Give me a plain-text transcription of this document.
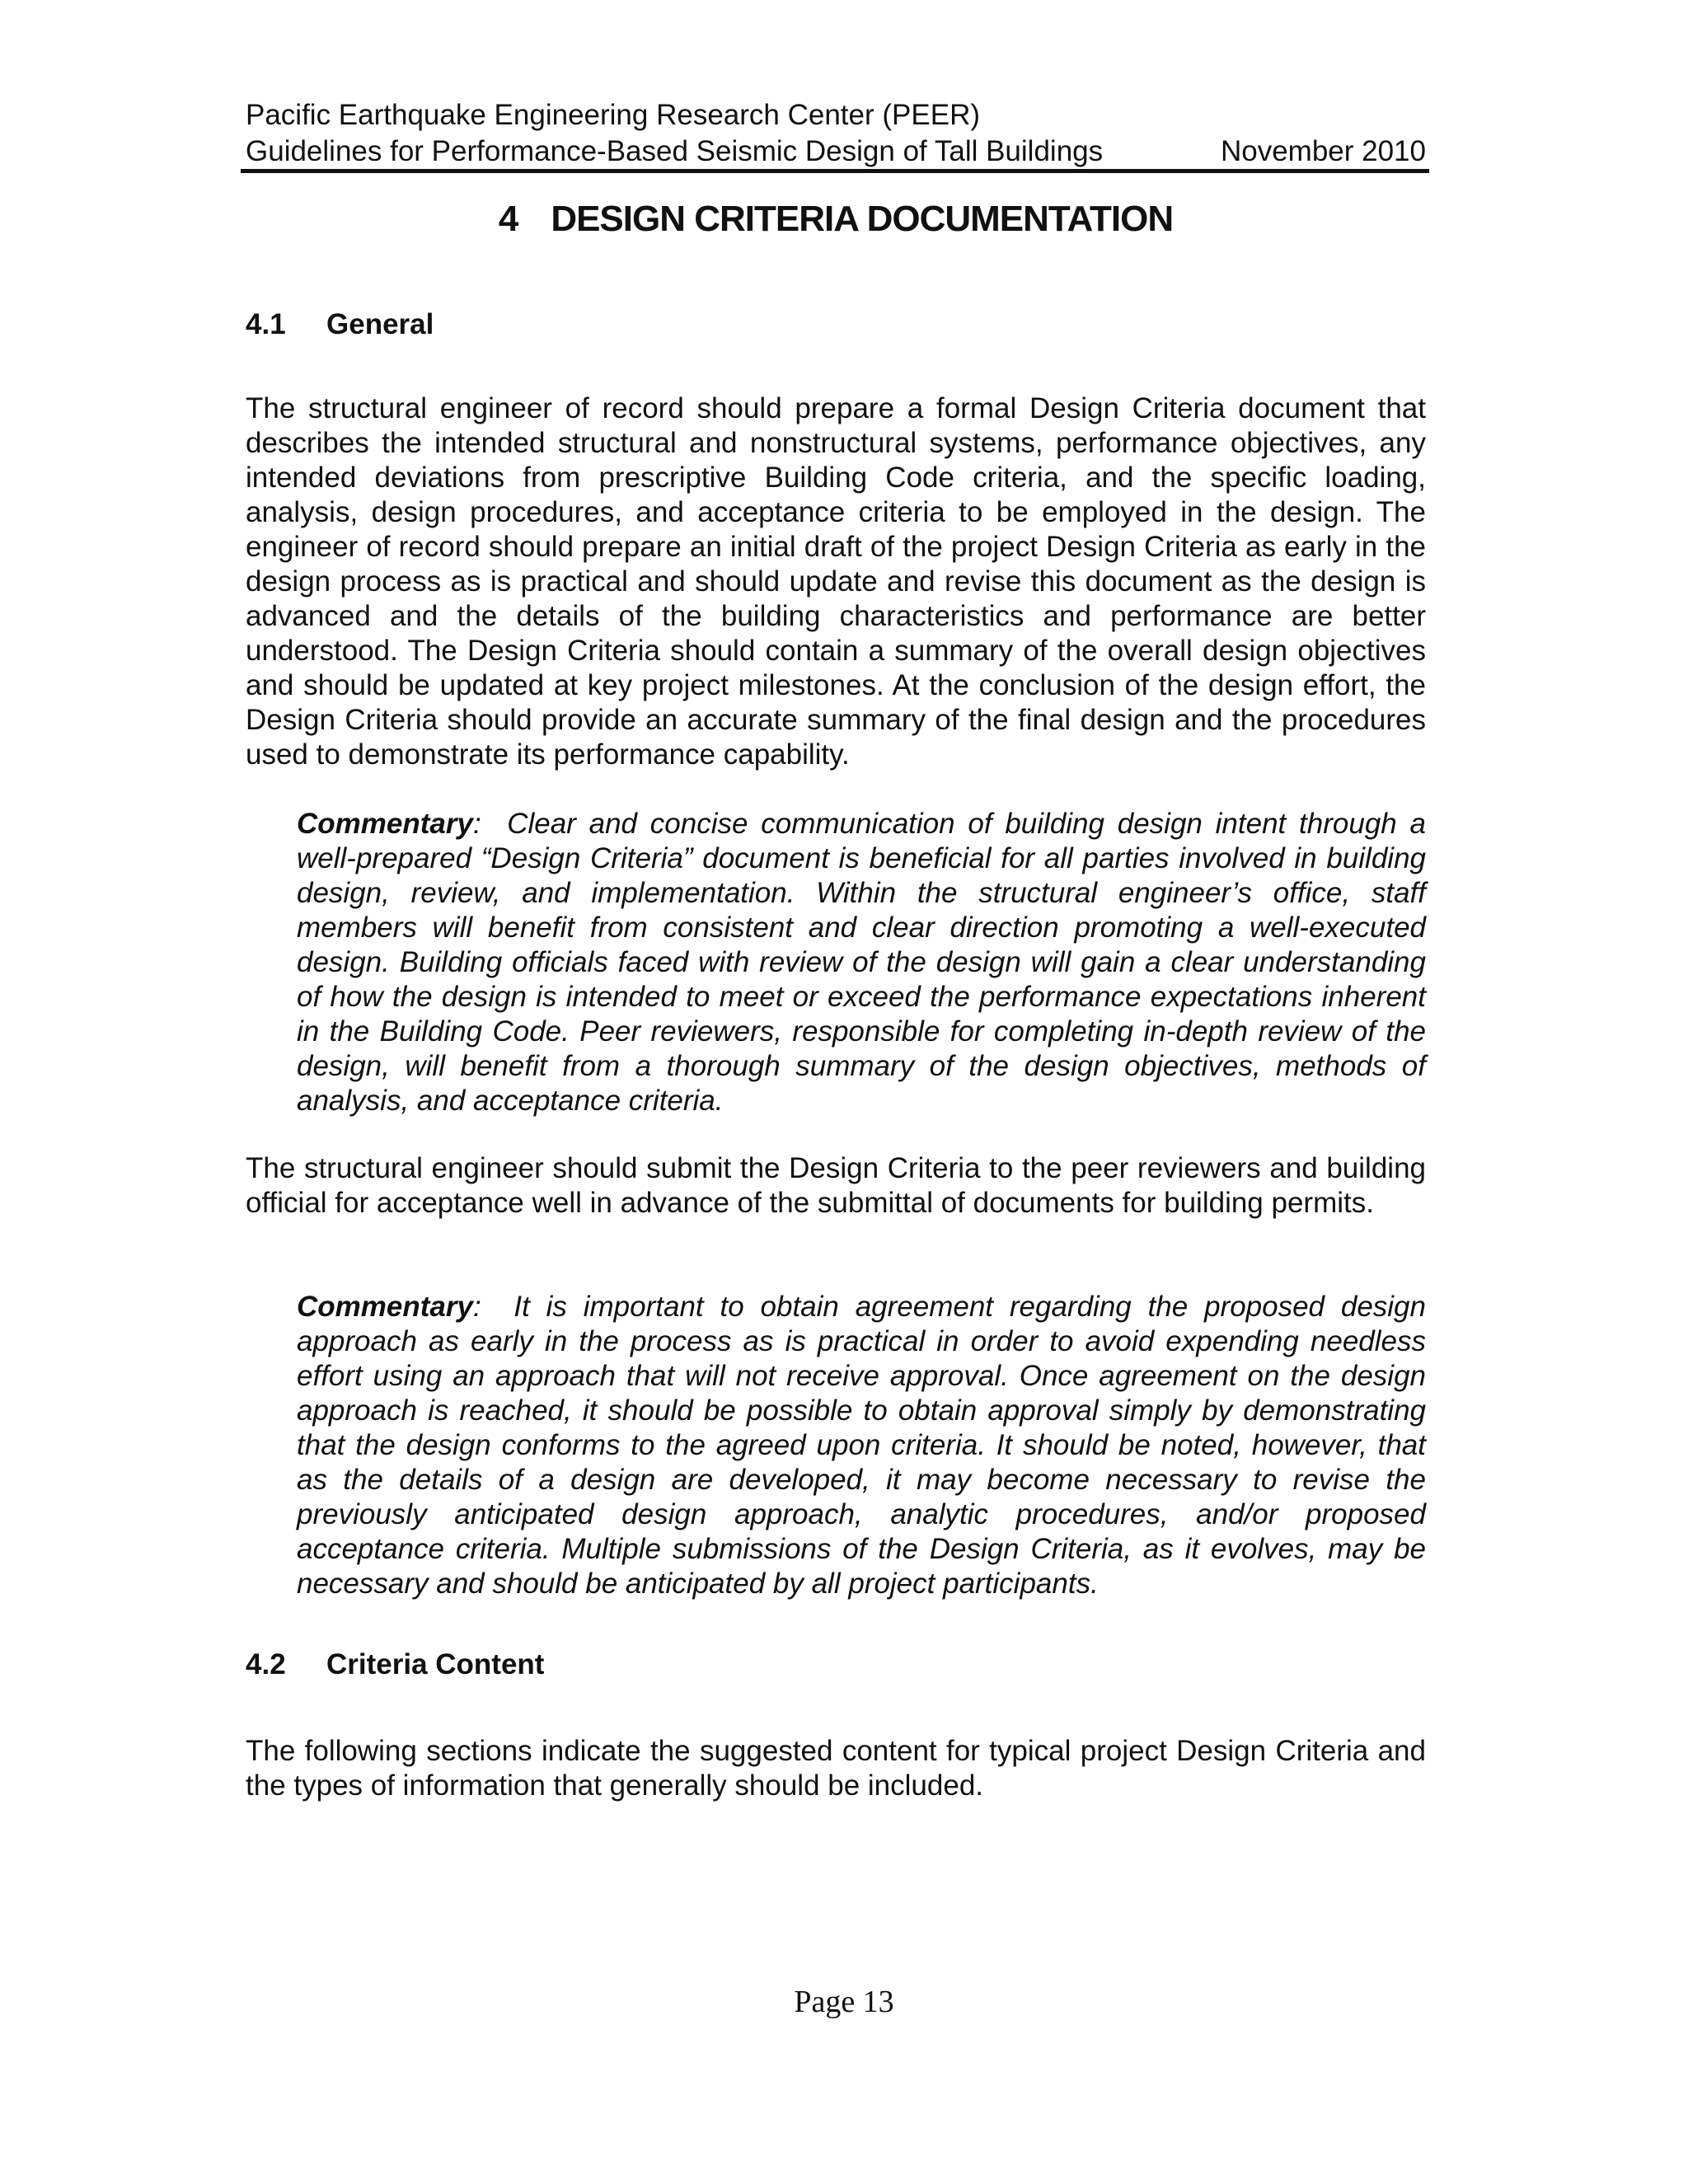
Pacific Earthquake Engineering Research Center (PEER)
Guidelines for Performance-Based Seismic Design of Tall Buildings	November 2010
4 DESIGN CRITERIA DOCUMENTATION
4.1 General

The structural engineer of record should prepare a formal Design Criteria document that describes the intended structural and nonstructural systems, performance objectives, any intended deviations from prescriptive Building Code criteria, and the specific loading, analysis, design procedures, and acceptance criteria to be employed in the design. The engineer of record should prepare an initial draft of the project Design Criteria as early in the design process as is practical and should update and revise this document as the design is advanced and the details of the building characteristics and performance are better understood. The Design Criteria should contain a summary of the overall design objectives and should be updated at key project milestones. At the conclusion of the design effort, the Design Criteria should provide an accurate summary of the final design and the procedures used to demonstrate its performance capability.

Commentary:  Clear and concise communication of building design intent through a well-prepared “Design Criteria” document is beneficial for all parties involved in building design, review, and implementation. Within the structural engineer’s office, staff members will benefit from consistent and clear direction promoting a well-executed design. Building officials faced with review of the design will gain a clear understanding of how the design is intended to meet or exceed the performance expectations inherent in the Building Code. Peer reviewers, responsible for completing in-depth review of the design, will benefit from a thorough summary of the design objectives, methods of analysis, and acceptance criteria.

The structural engineer should submit the Design Criteria to the peer reviewers and building official for acceptance well in advance of the submittal of documents for building permits.

Commentary:  It is important to obtain agreement regarding the proposed design approach as early in the process as is practical in order to avoid expending needless effort using an approach that will not receive approval. Once agreement on the design approach is reached, it should be possible to obtain approval simply by demonstrating that the design conforms to the agreed upon criteria. It should be noted, however, that as the details of a design are developed, it may become necessary to revise the previously anticipated design approach, analytic procedures, and/or proposed acceptance criteria. Multiple submissions of the Design Criteria, as it evolves, may be necessary and should be anticipated by all project participants.

4.2 Criteria Content

The following sections indicate the suggested content for typical project Design Criteria and the types of information that generally should be included.

Page 13
